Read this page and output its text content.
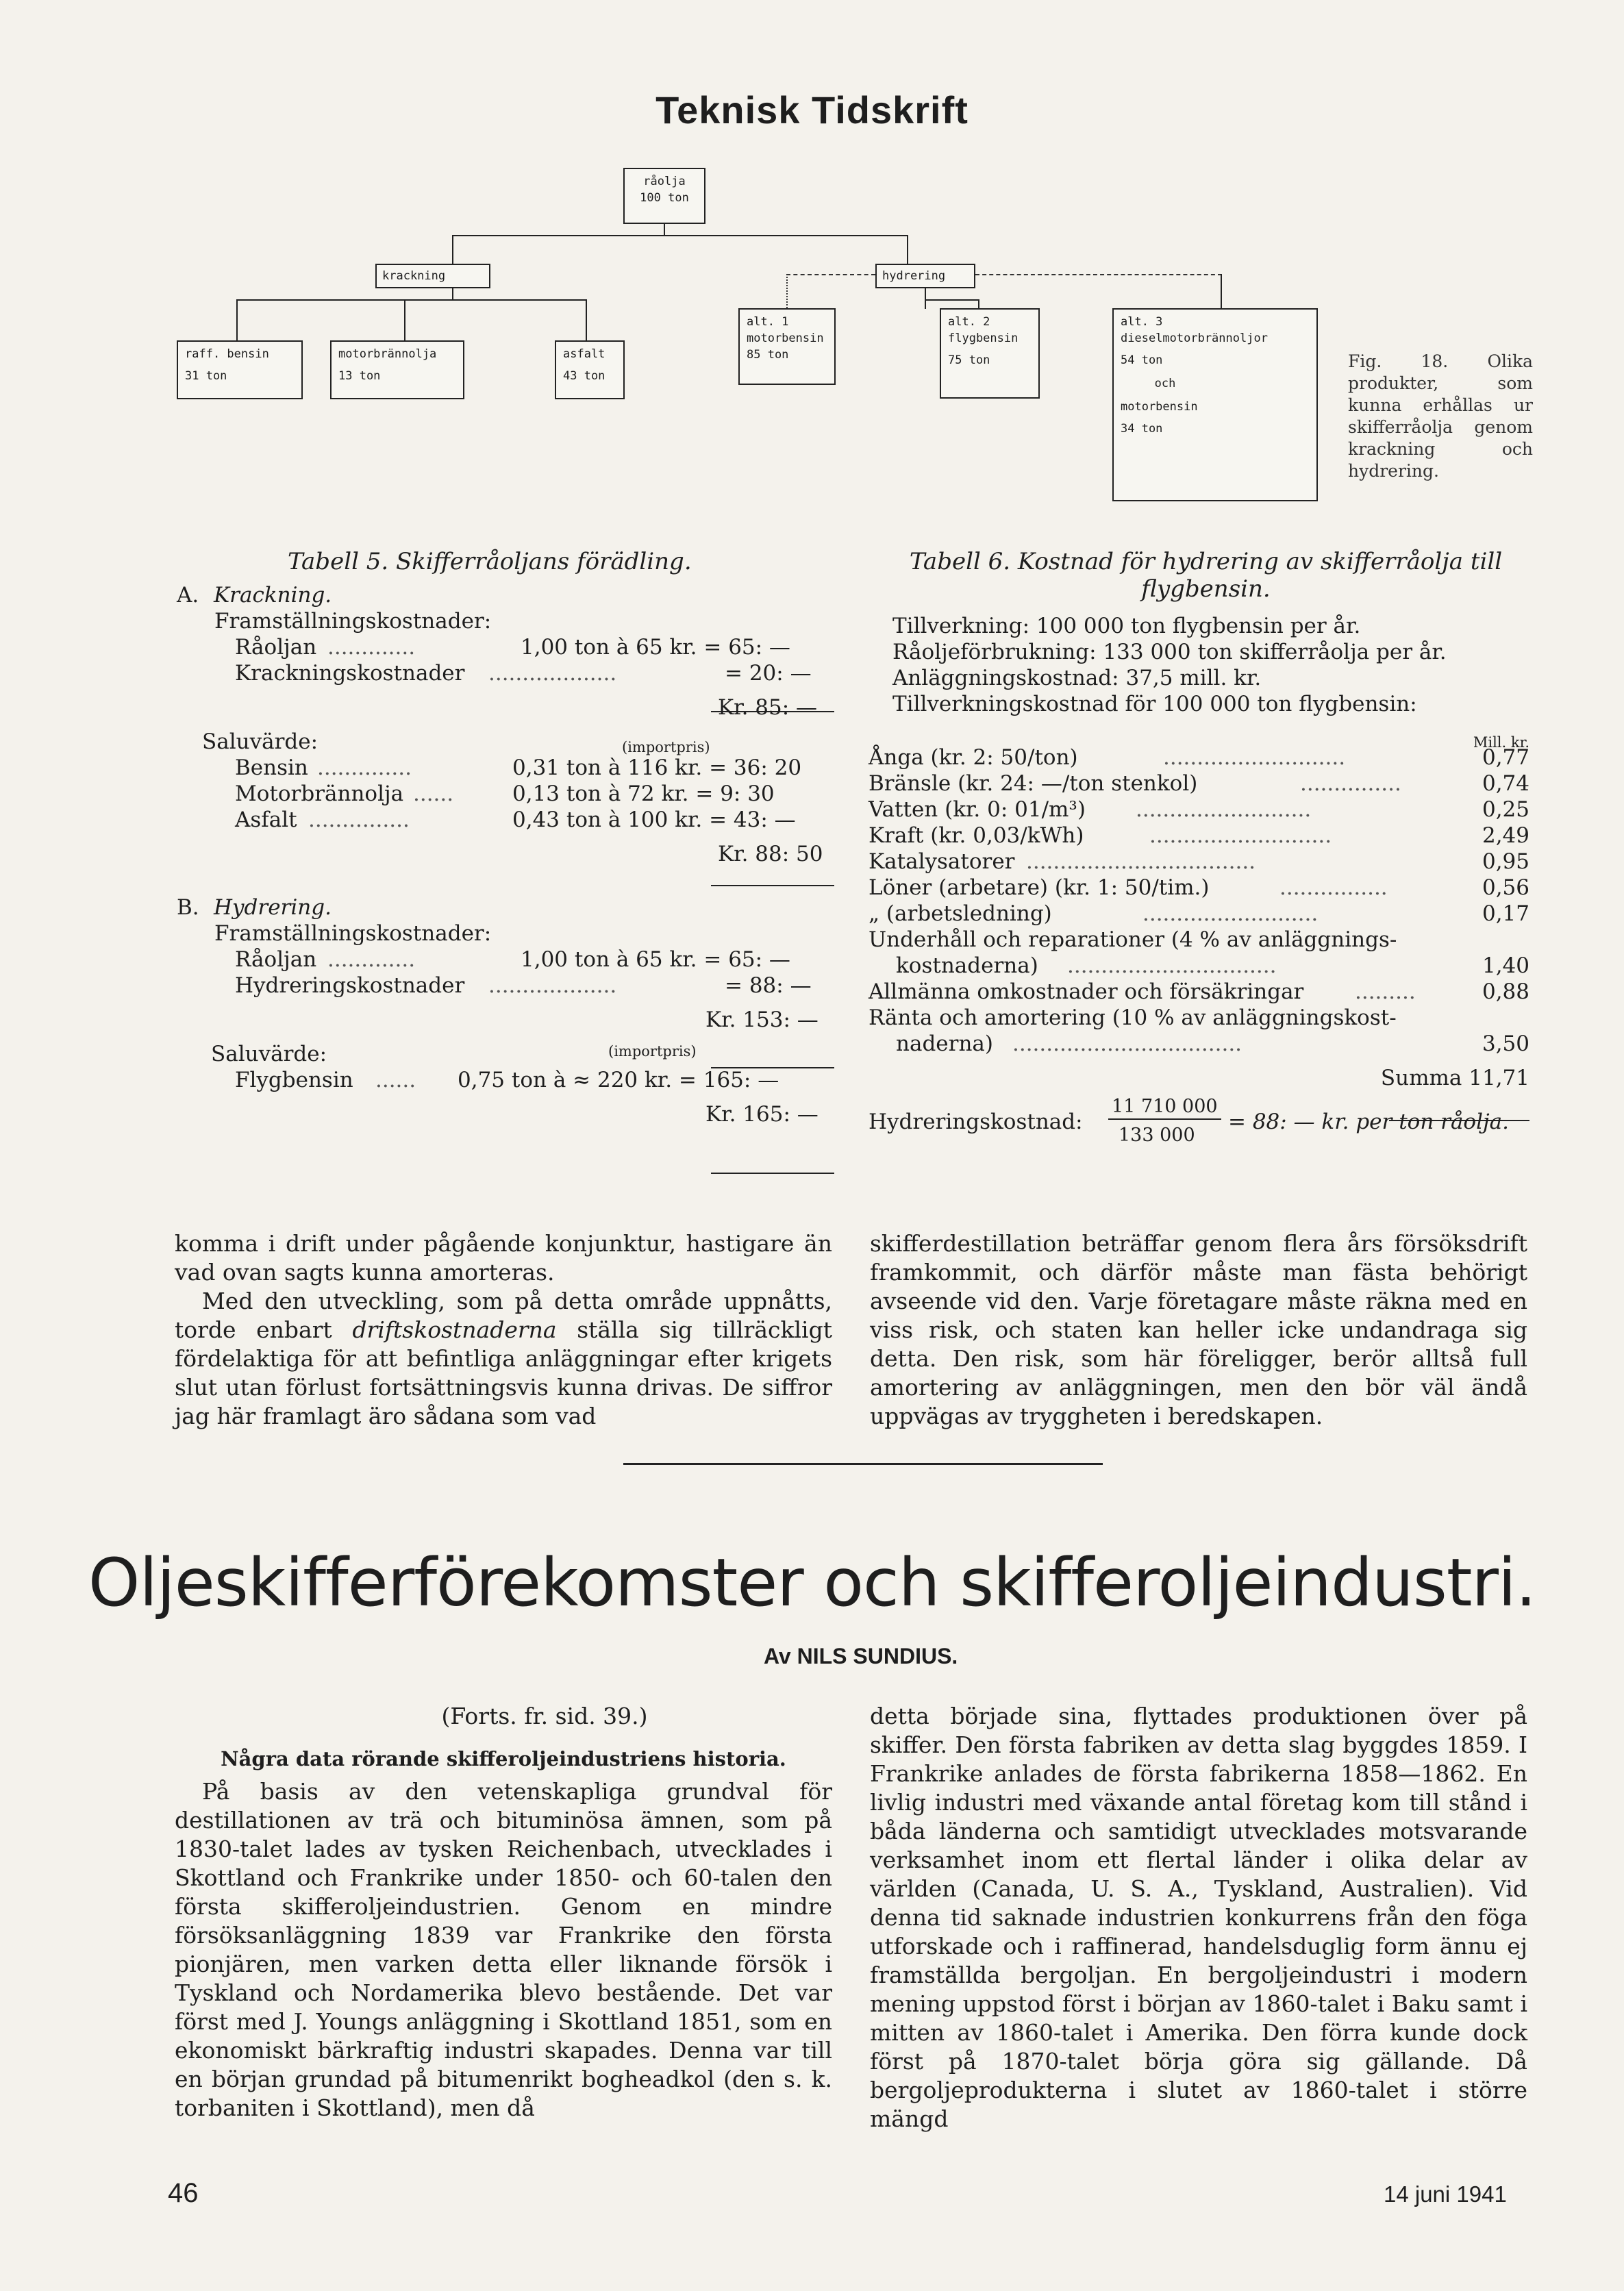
Teknisk Tidskrift
råolja
100 ton
krackning	hydrering
raff. bensin
31 ton
motorbrännolja
13 ton
asfalt
43 ton
alt. 1
motorbensin
85 ton
alt. 2
flygbensin
75 ton
alt. 3
dieselmotorbrännoljor
54 ton
och
motorbensin
34 ton
Fig. 18. Olika produkter, som kunna erhållas ur skifferråolja genom krackning och hydrering.
Tabell 5. Skifferråoljans förädling.
A. Krackning.
Framställningskostnader:
Råoljan .............	1,00 ton à 65 kr. = 65: —
Krackningskostnader ...................	= 20: —
Kr. 85: —
Saluvärde:	(importpris)
Bensin ..............	0,31 ton à 116 kr. = 36: 20
Motorbrännolja ......	0,13 ton à 72 kr. = 9: 30
Asfalt ...............	0,43 ton à 100 kr. = 43: —
Kr. 88: 50
B. Hydrering.
Framställningskostnader:
Råoljan .............	1,00 ton à 65 kr. = 65: —
Hydreringskostnader ...................	= 88: —
Kr. 153: —
Saluvärde:	(importpris)
Flygbensin ...... 0,75 ton à ≈ 220 kr. = 165: —
Kr. 165: —
Tabell 6. Kostnad för hydrering av skifferråolja till
flygbensin.
Tillverkning: 100 000 ton flygbensin per år.
Råoljeförbrukning: 133 000 ton skifferråolja per år.
Anläggningskostnad: 37,5 mill. kr.
Tillverkningskostnad för 100 000 ton flygbensin:
Mill. kr.
Ånga (kr. 2: 50/ton)	...........................	0,77
Bränsle (kr. 24: —/ton stenkol)	...............	0,74
Vatten (kr. 0: 01/m³) ..........................	0,25
Kraft (kr. 0,03/kWh)	...........................	2,49
Katalysatorer ..................................	0,95
Löner (arbetare) (kr. 1: 50/tim.)	................	0,56
„ (arbetsledning)	..........................	0,17
Underhåll och reparationer (4 % av anläggnings-
kostnaderna) ...............................	1,40
Allmänna omkostnader och försäkringar .........	0,88
Ränta och amortering (10 % av anläggningskost-
naderna) ..................................	3,50
Summa 11,71
Hydreringskostnad:
11 710 000
133 000
= 88: — kr. per ton råolja.
komma i drift under pågående konjunktur, hastigare än vad ovan sagts kunna amorteras.
Med den utveckling, som på detta område uppnåtts, torde enbart driftskostnaderna ställa sig tillräckligt fördelaktiga för att befintliga anläggningar efter krigets slut utan förlust fortsättningsvis kunna drivas. De siffror jag här framlagt äro sådana som vad
skifferdestillation beträffar genom flera års försöksdrift framkommit, och därför måste man fästa behörigt avseende vid den. Varje företagare måste räkna med en viss risk, och staten kan heller icke undandraga sig detta. Den risk, som här föreligger, berör alltså full amortering av anläggningen, men den bör väl ändå uppvägas av tryggheten i beredskapen.
Oljeskifferförekomster och skifferoljeindustri.
Av NILS SUNDIUS.
(Forts. fr. sid. 39.)
Några data rörande skifferoljeindustriens historia.
På basis av den vetenskapliga grundval för destillationen av trä och bituminösa ämnen, som på 1830-talet lades av tysken Reichenbach, utvecklades i Skottland och Frankrike under 1850- och 60-talen den första skifferoljeindustrien. Genom en mindre försöksanläggning 1839 var Frankrike den första pionjären, men varken detta eller liknande försök i Tyskland och Nordamerika blevo bestående. Det var först med J. Youngs anläggning i Skottland 1851, som en ekonomiskt bärkraftig industri skapades. Denna var till en början grundad på bitumenrikt bogheadkol (den s. k. torbaniten i Skottland), men då
detta började sina, flyttades produktionen över på skiffer. Den första fabriken av detta slag byggdes 1859. I Frankrike anlades de första fabrikerna 1858—1862. En livlig industri med växande antal företag kom till stånd i båda länderna och samtidigt utvecklades motsvarande verksamhet inom ett flertal länder i olika delar av världen (Canada, U. S. A., Tyskland, Australien). Vid denna tid saknade industrien konkurrens från den föga utforskade och i raffinerad, handelsduglig form ännu ej framställda bergoljan. En bergoljeindustri i modern mening uppstod först i början av 1860-talet i Baku samt i mitten av 1860-talet i Amerika. Den förra kunde dock först på 1870-talet börja göra sig gällande. Då bergoljeprodukterna i slutet av 1860-talet i större mängd
46	14 juni 1941
